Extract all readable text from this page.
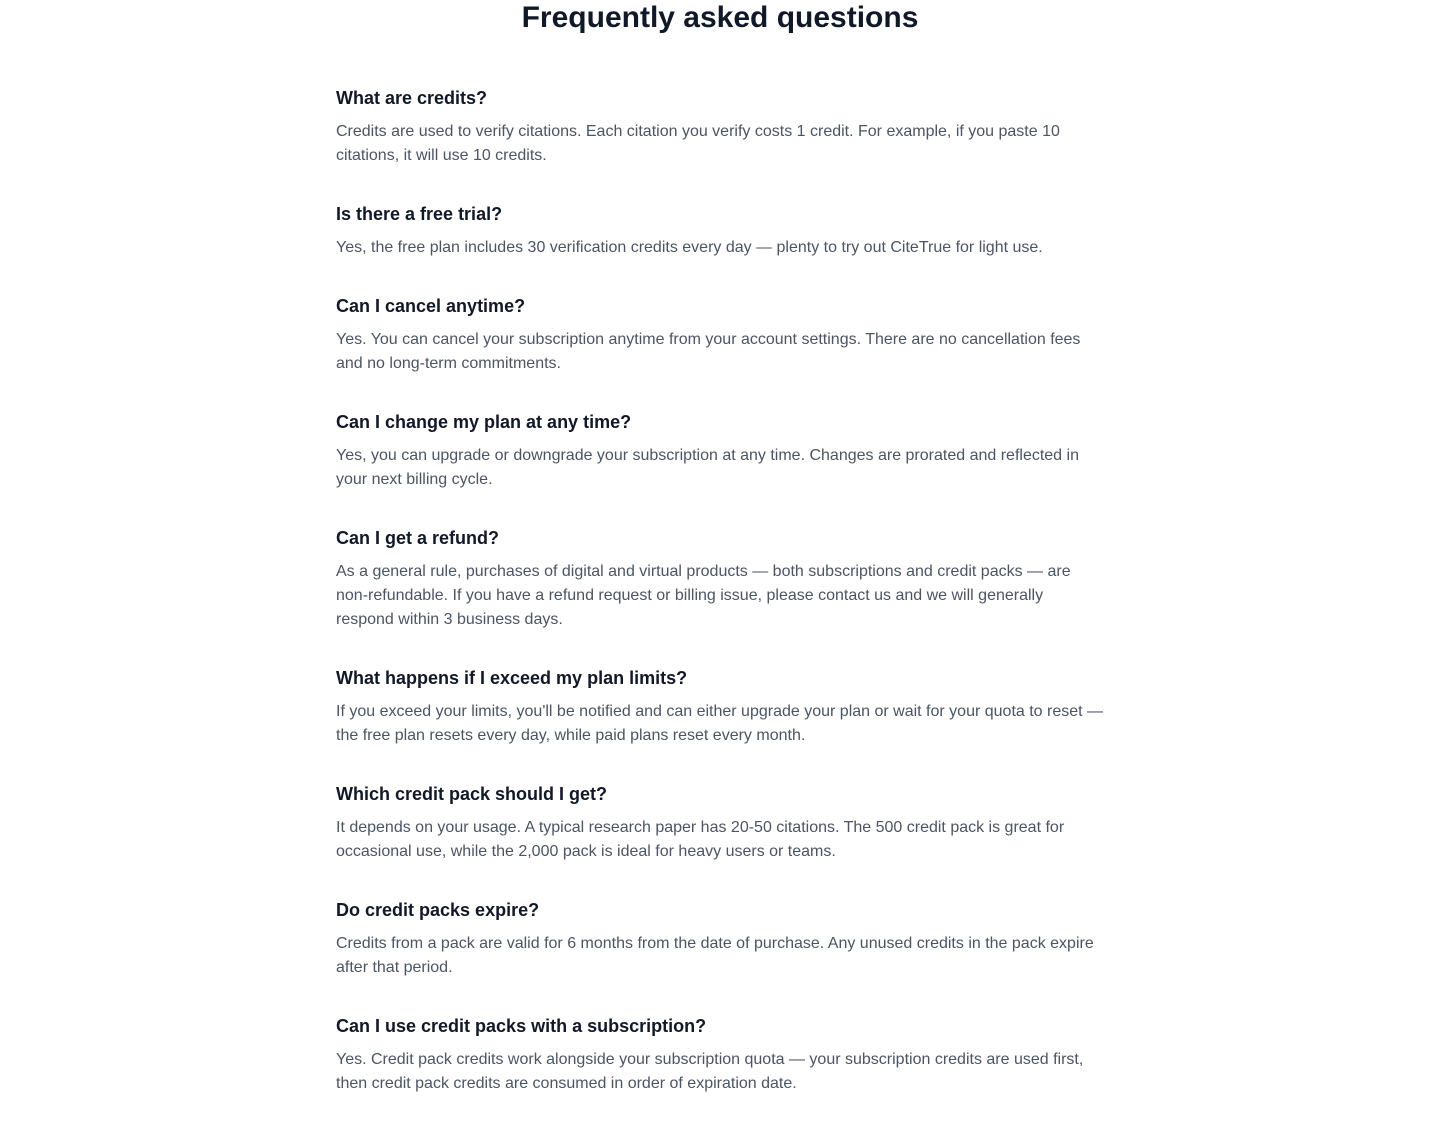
Frequently asked questions
What are credits?

Credits are used to verify citations. Each citation you verify costs 1 credit. For example, if you paste 10 citations, it will use 10 credits.

Is there a free trial?

Yes, the free plan includes 30 verification credits every day — plenty to try out CiteTrue for light use.

Can I cancel anytime?

Yes. You can cancel your subscription anytime from your account settings. There are no cancellation fees and no long-term commitments.

Can I change my plan at any time?

Yes, you can upgrade or downgrade your subscription at any time. Changes are prorated and reflected in your next billing cycle.

Can I get a refund?

As a general rule, purchases of digital and virtual products — both subscriptions and credit packs — are non-refundable. If you have a refund request or billing issue, please contact us and we will generally respond within 3 business days.

What happens if I exceed my plan limits?

If you exceed your limits, you'll be notified and can either upgrade your plan or wait for your quota to reset — the free plan resets every day, while paid plans reset every month.

Which credit pack should I get?

It depends on your usage. A typical research paper has 20-50 citations. The 500 credit pack is great for occasional use, while the 2,000 pack is ideal for heavy users or teams.

Do credit packs expire?

Credits from a pack are valid for 6 months from the date of purchase. Any unused credits in the pack expire after that period.

Can I use credit packs with a subscription?

Yes. Credit pack credits work alongside your subscription quota — your subscription credits are used first, then credit pack credits are consumed in order of expiration date.
